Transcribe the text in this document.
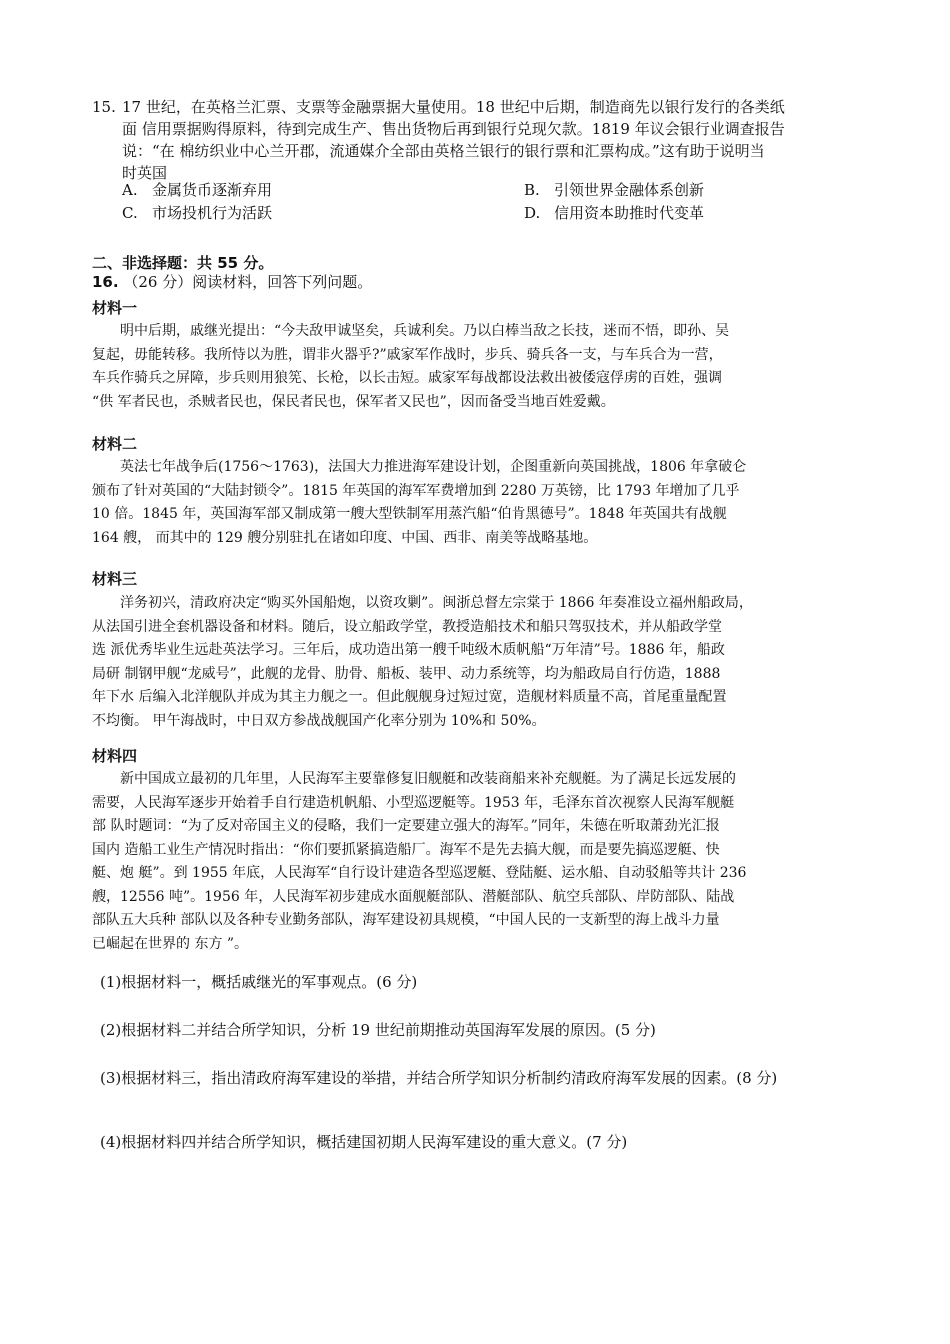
15. 17 世纪，在英格兰汇票、支票等金融票据大量使用。18 世纪中后期，制造商先以银行发行的各类纸
面 信用票据购得原料，待到完成生产、售出货物后再到银行兑现欠款。1819 年议会银行业调查报告
说：“在 棉纺织业中心兰开郡，流通媒介全部由英格兰银行的银行票和汇票构成。”这有助于说明当
时英国
A. 金属货币逐渐弃用	B. 引领世界金融体系创新
C. 市场投机行为活跃	D. 信用资本助推时代变革
二、非选择题：共 55 分。
16. （26 分）阅读材料，回答下列问题。
材料一
　　明中后期，戚继光提出：“今夫敌甲诚坚矣，兵诚利矣。乃以白棒当敌之长技，迷而不悟，即孙、吴
复起，毋能转移。我所恃以为胜，谓非火器乎?”戚家军作战时，步兵、骑兵各一支，与车兵合为一营，
车兵作骑兵之屏障，步兵则用狼筅、长枪，以长击短。戚家军每战都设法救出被倭寇俘虏的百姓，强调
“供 军者民也，杀贼者民也，保民者民也，保军者又民也”，因而备受当地百姓爱戴。
材料二
　　英法七年战争后(1756～1763)，法国大力推进海军建设计划，企图重新向英国挑战，1806 年拿破仑
颁布了针对英国的“大陆封锁令”。1815 年英国的海军军费增加到 2280 万英镑，比 1793 年增加了几乎
10 倍。1845 年，英国海军部又制成第一艘大型铁制军用蒸汽船“伯肯黑德号”。1848 年英国共有战舰
164 艘， 而其中的 129 艘分别驻扎在诸如印度、中国、西非、南美等战略基地。
材料三
　　洋务初兴，清政府决定“购买外国船炮，以资攻剿”。闽浙总督左宗棠于 1866 年奏准设立福州船政局，
从法国引进全套机器设备和材料。随后，设立船政学堂，教授造船技术和船只驾驭技术，并从船政学堂
选 派优秀毕业生远赴英法学习。三年后，成功造出第一艘千吨级木质帆船“万年清”号。1886 年，船政
局研 制钢甲舰“龙威号”，此舰的龙骨、肋骨、船板、装甲、动力系统等，均为船政局自行仿造，1888
年下水 后编入北洋舰队并成为其主力舰之一。但此舰舰身过短过宽，造舰材料质量不高，首尾重量配置
不均衡。 甲午海战时，中日双方参战战舰国产化率分别为 10%和 50%。
材料四
　　新中国成立最初的几年里，人民海军主要靠修复旧舰艇和改装商船来补充舰艇。为了满足长远发展的
需要，人民海军逐步开始着手自行建造机帆船、小型巡逻艇等。1953 年，毛泽东首次视察人民海军舰艇
部 队时题词：“为了反对帝国主义的侵略，我们一定要建立强大的海军。”同年，朱德在听取萧劲光汇报
国内 造船工业生产情况时指出：“你们要抓紧搞造船厂。海军不是先去搞大舰，而是要先搞巡逻艇、快
艇、炮 艇”。到 1955 年底，人民海军“自行设计建造各型巡逻艇、登陆艇、运水船、自动驳船等共计 236
艘，12556 吨”。1956 年，人民海军初步建成水面舰艇部队、潜艇部队、航空兵部队、岸防部队、陆战
部队五大兵种 部队以及各种专业勤务部队，海军建设初具规模，“中国人民的一支新型的海上战斗力量
已崛起在世界的 东方 ”。
(1)根据材料一，概括戚继光的军事观点。(6 分)
(2)根据材料二并结合所学知识，分析 19 世纪前期推动英国海军发展的原因。(5 分)
(3)根据材料三，指出清政府海军建设的举措，并结合所学知识分析制约清政府海军发展的因素。(8 分)
(4)根据材料四并结合所学知识，概括建国初期人民海军建设的重大意义。(7 分)
